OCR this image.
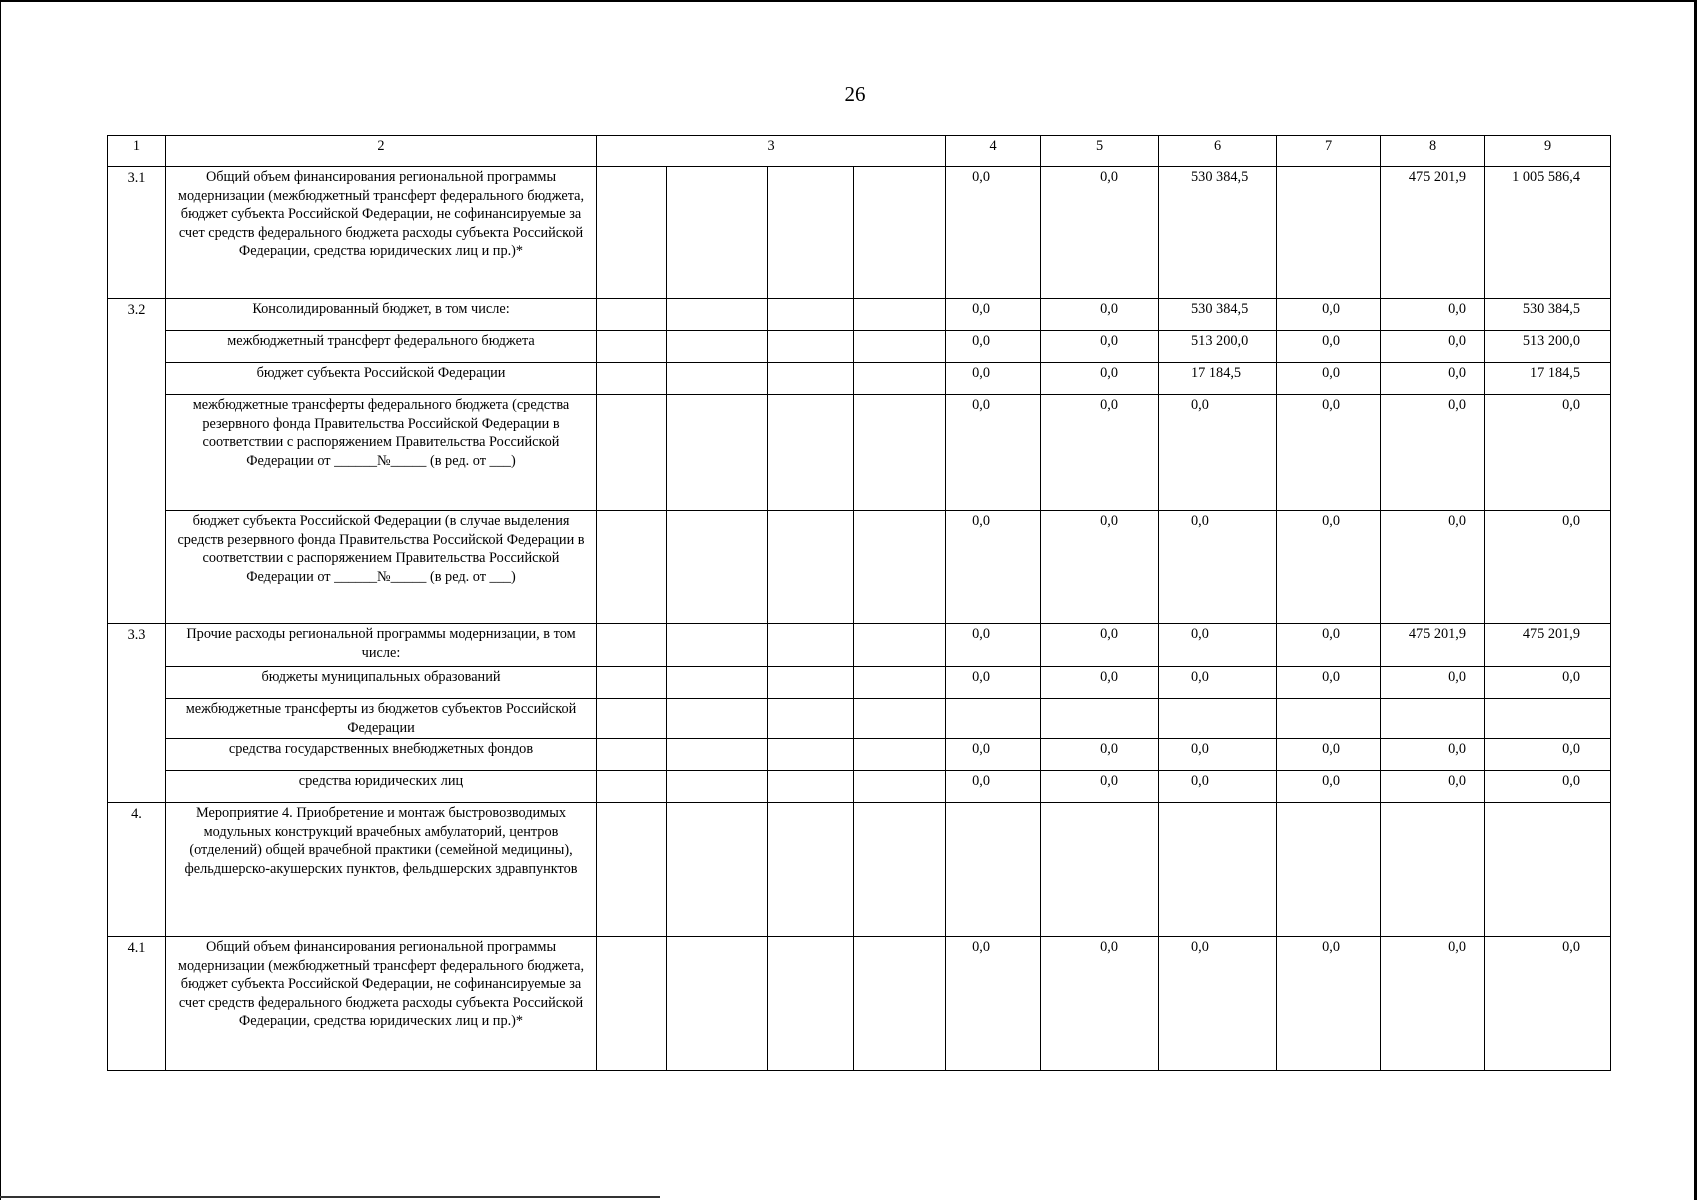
26
1	2	3				4	5	6	7	8	9
3.1	Общий объем финансирования региональной программы модернизации (межбюджетный трансферт федерального бюджета, бюджет субъекта Российской Федерации, не софинансируемые за счет средств федерального бюджета расходы субъекта Российской Федерации, средства юридических лиц и пр.)*					0,0	0,0	530 384,5		475 201,9	1 005 586,4
3.2	Консолидированный бюджет, в том числе:					0,0	0,0	530 384,5	0,0	0,0	530 384,5
	межбюджетный трансферт федерального бюджета					0,0	0,0	513 200,0	0,0	0,0	513 200,0
	бюджет субъекта Российской Федерации					0,0	0,0	17 184,5	0,0	0,0	17 184,5
	межбюджетные трансферты федерального бюджета (средства резервного фонда Правительства Российской Федерации в соответствии с распоряжением Правительства Российской Федерации от ______№_____ (в ред. от ___)					0,0	0,0	0,0	0,0	0,0	0,0
	бюджет субъекта Российской Федерации (в случае выделения средств резервного фонда Правительства Российской Федерации в соответствии с распоряжением Правительства Российской Федерации от ______№_____ (в ред. от ___)					0,0	0,0	0,0	0,0	0,0	0,0
3.3	Прочие расходы региональной программы модернизации, в том числе:					0,0	0,0	0,0	0,0	475 201,9	475 201,9
	бюджеты муниципальных образований					0,0	0,0	0,0	0,0	0,0	0,0
	межбюджетные трансферты из бюджетов субъектов Российской Федерации										
	средства государственных внебюджетных фондов					0,0	0,0	0,0	0,0	0,0	0,0
	средства юридических лиц					0,0	0,0	0,0	0,0	0,0	0,0
4.	Мероприятие 4. Приобретение и монтаж быстровозводимых модульных конструкций врачебных амбулаторий, центров (отделений) общей врачебной практики (семейной медицины), фельдшерско-акушерских пунктов, фельдшерских здравпунктов										
4.1	Общий объем финансирования региональной программы модернизации (межбюджетный трансферт федерального бюджета, бюджет субъекта Российской Федерации, не софинансируемые за счет средств федерального бюджета расходы субъекта Российской Федерации, средства юридических лиц и пр.)*					0,0	0,0	0,0	0,0	0,0	0,0
